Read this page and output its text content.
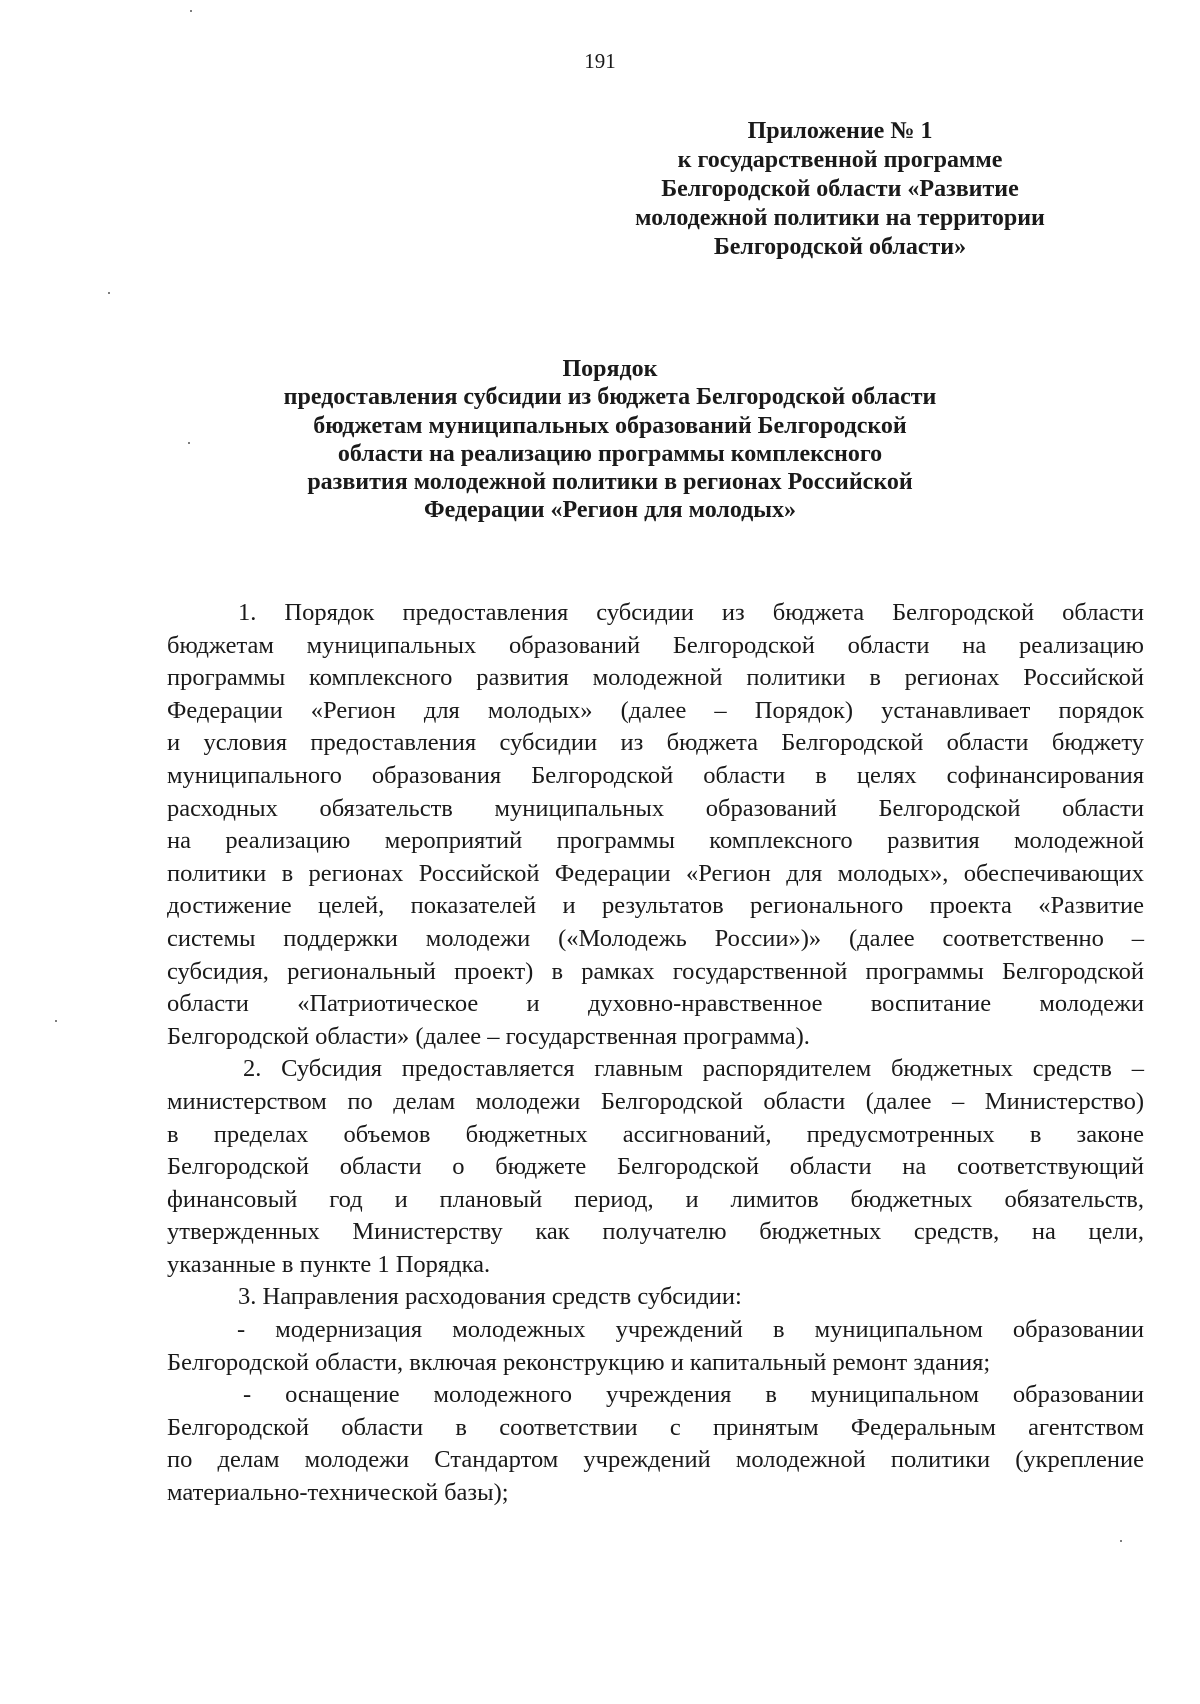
191
Приложение № 1
к государственной программе
Белгородской области «Развитие
молодежной политики на территории
Белгородской области»
Порядок
предоставления субсидии из бюджета Белгородской области
бюджетам муниципальных образований Белгородской
области на реализацию программы комплексного
развития молодежной политики в регионах Российской
Федерации «Регион для молодых»
1. Порядок предоставления субсидии из бюджета Белгородской области
бюджетам муниципальных образований Белгородской области на реализацию
программы комплексного развития молодежной политики в регионах Российской
Федерации «Регион для молодых» (далее – Порядок) устанавливает порядок
и условия предоставления субсидии из бюджета Белгородской области бюджету
муниципального образования Белгородской области в целях софинансирования
расходных обязательств муниципальных образований Белгородской области
на реализацию мероприятий программы комплексного развития молодежной
политики в регионах Российской Федерации «Регион для молодых», обеспечивающих
достижение целей, показателей и результатов регионального проекта «Развитие
системы поддержки молодежи («Молодежь России»)» (далее соответственно –
субсидия, региональный проект) в рамках государственной программы Белгородской
области «Патриотическое и духовно-нравственное воспитание молодежи
Белгородской области» (далее – государственная программа).
2. Субсидия предоставляется главным распорядителем бюджетных средств –
министерством по делам молодежи Белгородской области (далее – Министерство)
в пределах объемов бюджетных ассигнований, предусмотренных в законе
Белгородской области о бюджете Белгородской области на соответствующий
финансовый год и плановый период, и лимитов бюджетных обязательств,
утвержденных Министерству как получателю бюджетных средств, на цели,
указанные в пункте 1 Порядка.
3. Направления расходования средств субсидии:
- модернизация молодежных учреждений в муниципальном образовании
Белгородской области, включая реконструкцию и капитальный ремонт здания;
- оснащение молодежного учреждения в муниципальном образовании
Белгородской области в соответствии с принятым Федеральным агентством
по делам молодежи Стандартом учреждений молодежной политики (укрепление
материально-технической базы);
